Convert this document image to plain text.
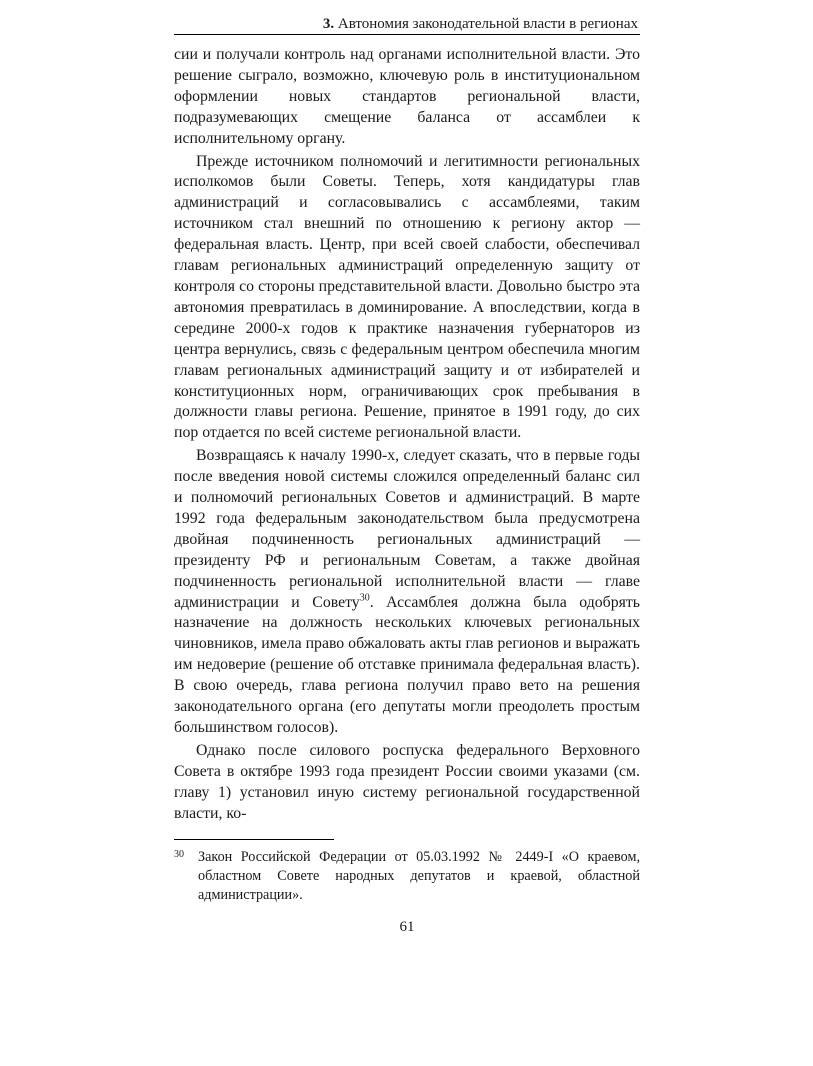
3. Автономия законодательной власти в регионах

сии и получали контроль над органами исполнительной власти. Это решение сыграло, возможно, ключевую роль в институциональном оформлении новых стандартов региональной власти, подразумевающих смещение баланса от ассамблеи к исполнительному органу.

Прежде источником полномочий и легитимности региональных исполкомов были Советы. Теперь, хотя кандидатуры глав администраций и согласовывались с ассамблеями, таким источником стал внешний по отношению к региону актор — федеральная власть. Центр, при всей своей слабости, обеспечивал главам региональных администраций определенную защиту от контроля со стороны представительной власти. Довольно быстро эта автономия превратилась в доминирование. А впоследствии, когда в середине 2000-х годов к практике назначения губернаторов из центра вернулись, связь с федеральным центром обеспечила многим главам региональных администраций защиту и от избирателей и конституционных норм, ограничивающих срок пребывания в должности главы региона. Решение, принятое в 1991 году, до сих пор отдается по всей системе региональной власти.

Возвращаясь к началу 1990-х, следует сказать, что в первые годы после введения новой системы сложился определенный баланс сил и полномочий региональных Советов и администраций. В марте 1992 года федеральным законодательством была предусмотрена двойная подчиненность региональных администраций — президенту РФ и региональным Советам, а также двойная подчиненность региональной исполнительной власти — главе администрации и Совету$^{30}$. Ассамблея должна была одобрять назначение на должность нескольких ключевых региональных чиновников, имела право обжаловать акты глав регионов и выражать им недоверие (решение об отставке принимала федеральная власть). В свою очередь, глава региона получил право вето на решения законодательного органа (его депутаты могли преодолеть простым большинством голосов).

Однако после силового роспуска федерального Верховного Совета в октябре 1993 года президент России своими указами (см. главу 1) установил иную систему региональной государственной власти, ко-

30 Закон Российской Федерации от 05.03.1992 № 2449-I «О краевом, областном Совете народных депутатов и краевой, областной администрации».
61
